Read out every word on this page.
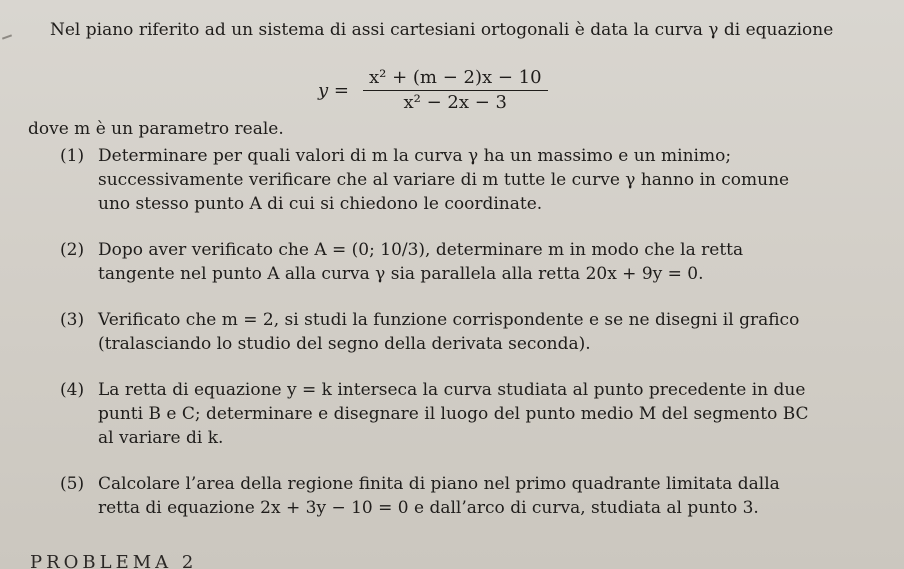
Nel piano riferito ad un sistema di assi cartesiani ortogonali è data la curva γ di equazione

$y = \frac{\text{x² + (m − 2)x − 10}}{\text{x² − 2x − 3}}$
dove m è un parametro reale.
(1) Determinare per quali valori di m la curva γ ha un massimo e un minimo; successivamente verificare che al variare di m tutte le curve γ hanno in comune uno stesso punto A di cui si chiedono le coordinate.
(2) Dopo aver verificato che A = (0; 10/3), determinare m in modo che la retta tangente nel punto A alla curva γ sia parallela alla retta 20x + 9y = 0.
(3) Verificato che m = 2, si studi la funzione corrispondente e se ne disegni il grafico (tralasciando lo studio del segno della derivata seconda).
(4) La retta di equazione y = k interseca la curva studiata al punto precedente in due punti B e C; determinare e disegnare il luogo del punto medio M del segmento BC al variare di k.
(5) Calcolare l’area della regione finita di piano nel primo quadrante limitata dalla retta di equazione 2x + 3y − 10 = 0 e dall’arco di curva, studiata al punto 3.
PROBLEMA 2
